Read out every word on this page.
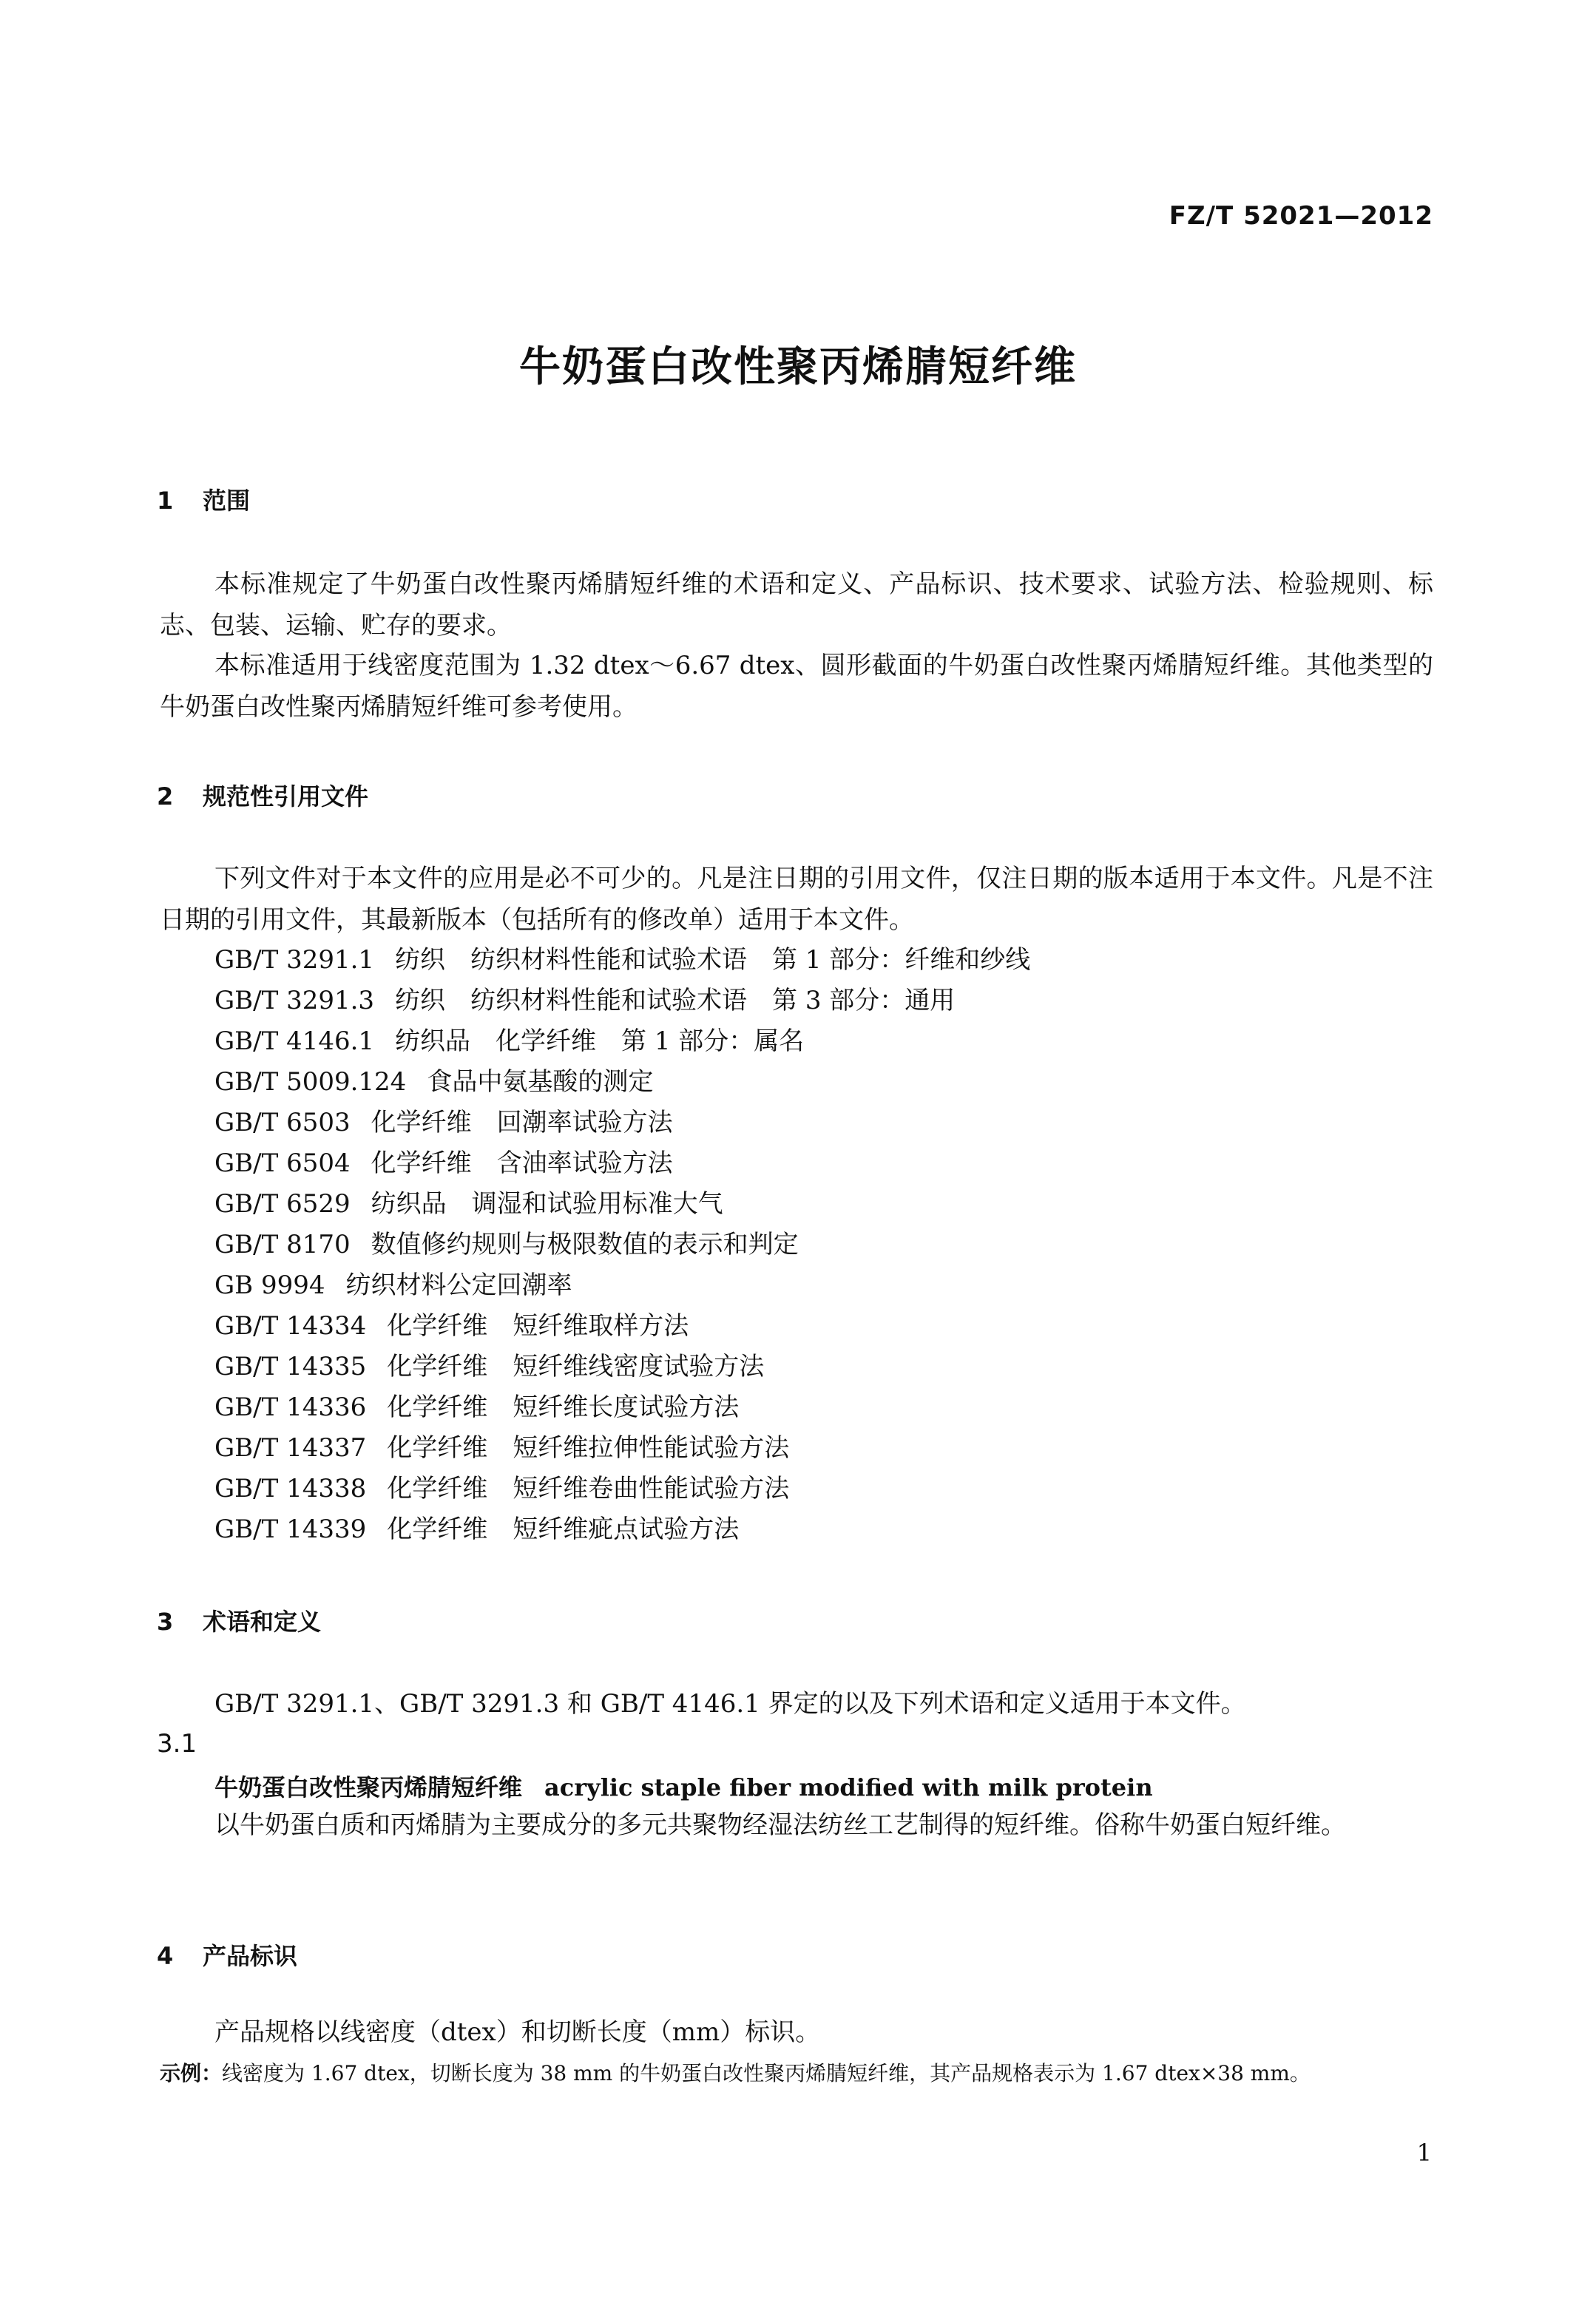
FZ/T 52021—2012
牛奶蛋白改性聚丙烯腈短纤维
1 范围

本标准规定了牛奶蛋白改性聚丙烯腈短纤维的术语和定义、产品标识、技术要求、试验方法、检验规则、标志、包装、运输、贮存的要求。

本标准适用于线密度范围为 1.32 dtex～6.67 dtex、圆形截面的牛奶蛋白改性聚丙烯腈短纤维。其他类型的牛奶蛋白改性聚丙烯腈短纤维可参考使用。

2 规范性引用文件

下列文件对于本文件的应用是必不可少的。凡是注日期的引用文件，仅注日期的版本适用于本文件。凡是不注日期的引用文件，其最新版本（包括所有的修改单）适用于本文件。

GB/T 3291.1 纺织 纺织材料性能和试验术语　第 1 部分：纤维和纱线
GB/T 3291.3 纺织 纺织材料性能和试验术语　第 3 部分：通用
GB/T 4146.1 纺织品 化学纤维　第 1 部分：属名
GB/T 5009.124 食品中氨基酸的测定
GB/T 6503 化学纤维 回潮率试验方法
GB/T 6504 化学纤维 含油率试验方法
GB/T 6529 纺织品 调湿和试验用标准大气
GB/T 8170 数值修约规则与极限数值的表示和判定
GB 9994 纺织材料公定回潮率
GB/T 14334 化学纤维 短纤维取样方法
GB/T 14335 化学纤维 短纤维线密度试验方法
GB/T 14336 化学纤维 短纤维长度试验方法
GB/T 14337 化学纤维 短纤维拉伸性能试验方法
GB/T 14338 化学纤维 短纤维卷曲性能试验方法
GB/T 14339 化学纤维 短纤维疵点试验方法
3 术语和定义

GB/T 3291.1、GB/T 3291.3 和 GB/T 4146.1 界定的以及下列术语和定义适用于本文件。

3.1
牛奶蛋白改性聚丙烯腈短纤维 acrylic staple fiber modified with milk protein

以牛奶蛋白质和丙烯腈为主要成分的多元共聚物经湿法纺丝工艺制得的短纤维。俗称牛奶蛋白短纤维。

4 产品标识

产品规格以线密度（dtex）和切断长度（mm）标识。

示例：线密度为 1.67 dtex，切断长度为 38 mm 的牛奶蛋白改性聚丙烯腈短纤维，其产品规格表示为 1.67 dtex×38 mm。

1
